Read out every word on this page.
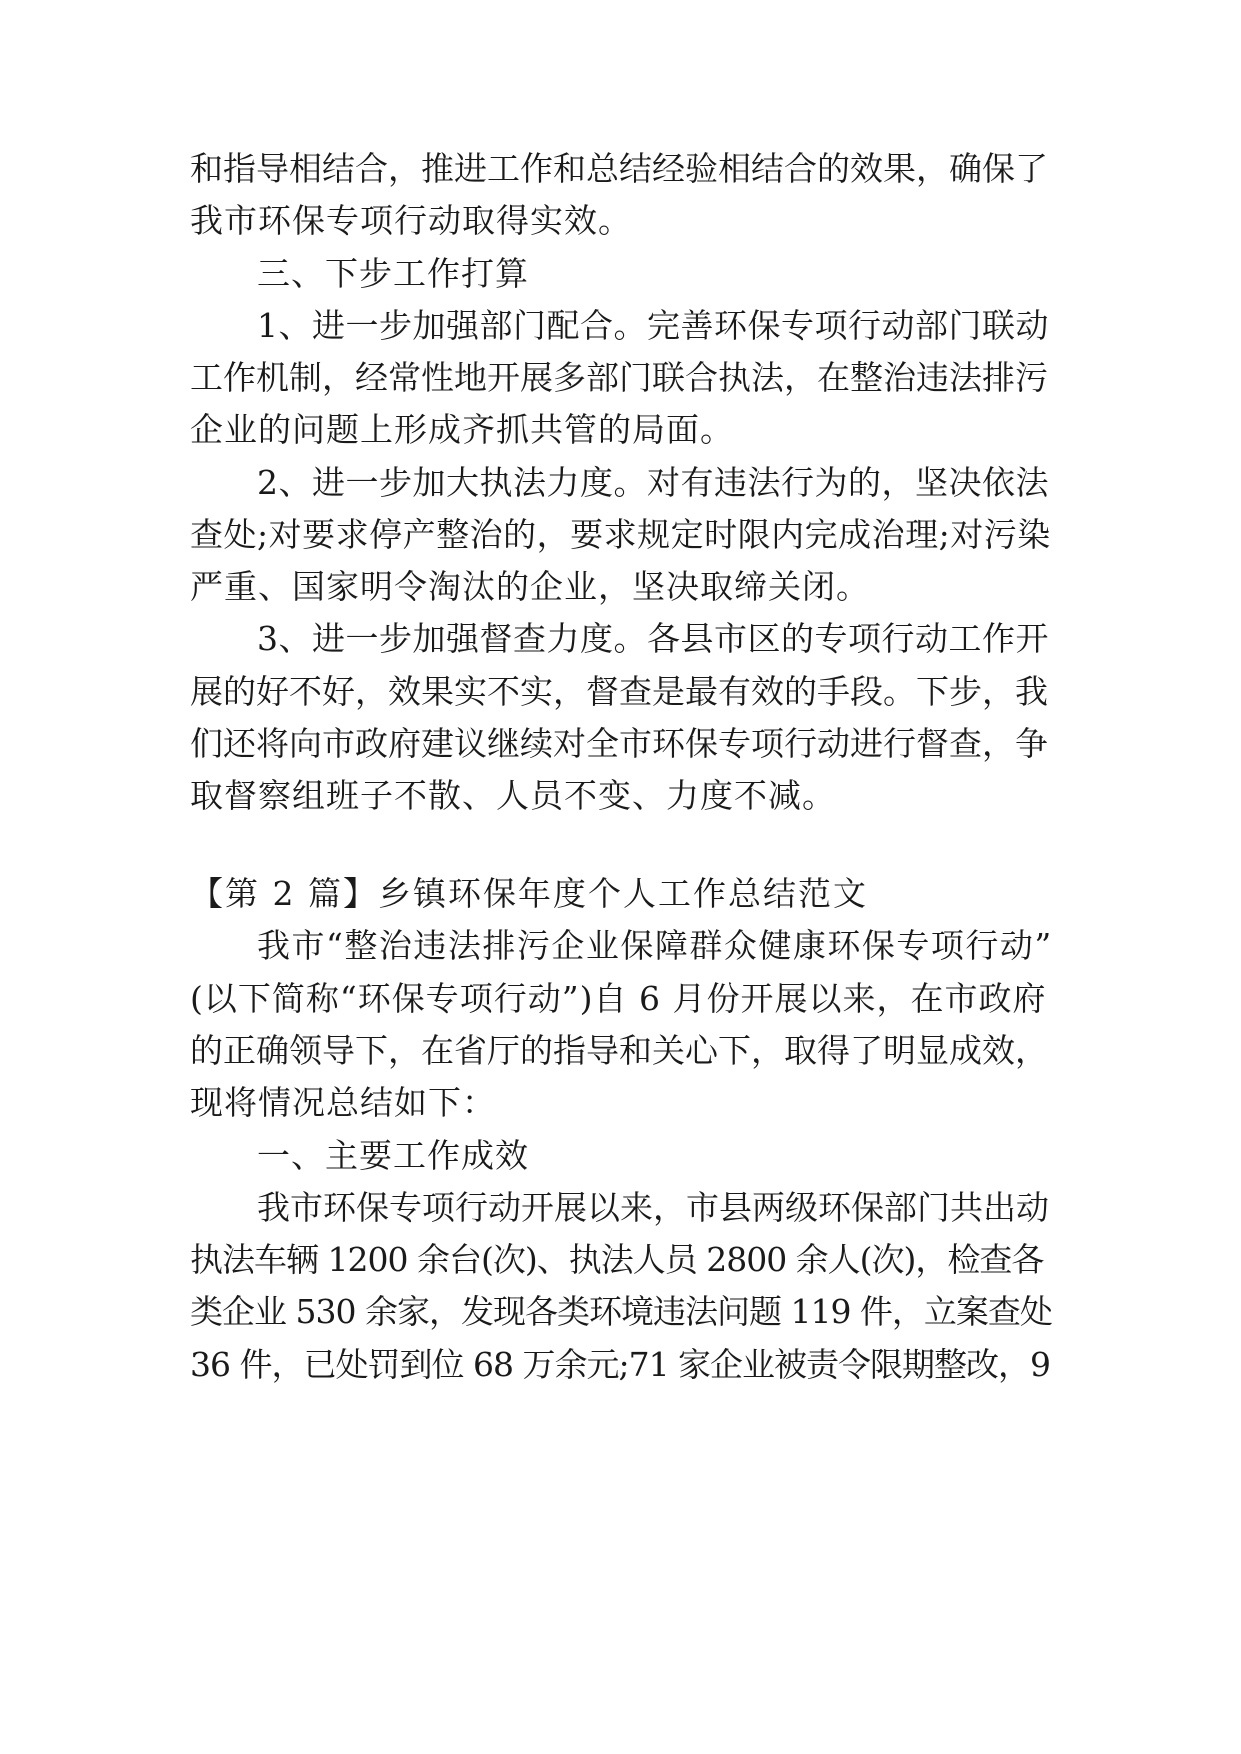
和指导相结合，推进工作和总结经验相结合的效果，确保了
我市环保专项行动取得实效。
三、下步工作打算
1、进一步加强部门配合。完善环保专项行动部门联动
工作机制，经常性地开展多部门联合执法，在整治违法排污
企业的问题上形成齐抓共管的局面。
2、进一步加大执法力度。对有违法行为的，坚决依法
查处;对要求停产整治的，要求规定时限内完成治理;对污染
严重、国家明令淘汰的企业，坚决取缔关闭。
3、进一步加强督查力度。各县市区的专项行动工作开
展的好不好，效果实不实，督查是最有效的手段。下步，我
们还将向市政府建议继续对全市环保专项行动进行督查，争
取督察组班子不散、人员不变、力度不减。
【第 2 篇】乡镇环保年度个人工作总结范文
我市“整治违法排污企业保障群众健康环保专项行动”
(以下简称“环保专项行动”)自 6 月份开展以来，在市政府
的正确领导下，在省厅的指导和关心下，取得了明显成效，
现将情况总结如下：
一、主要工作成效
我市环保专项行动开展以来，市县两级环保部门共出动
执法车辆 1200 余台(次)、执法人员 2800 余人(次)，检查各
类企业 530 余家，发现各类环境违法问题 119 件，立案查处
36 件，已处罚到位 68 万余元;71 家企业被责令限期整改，9
